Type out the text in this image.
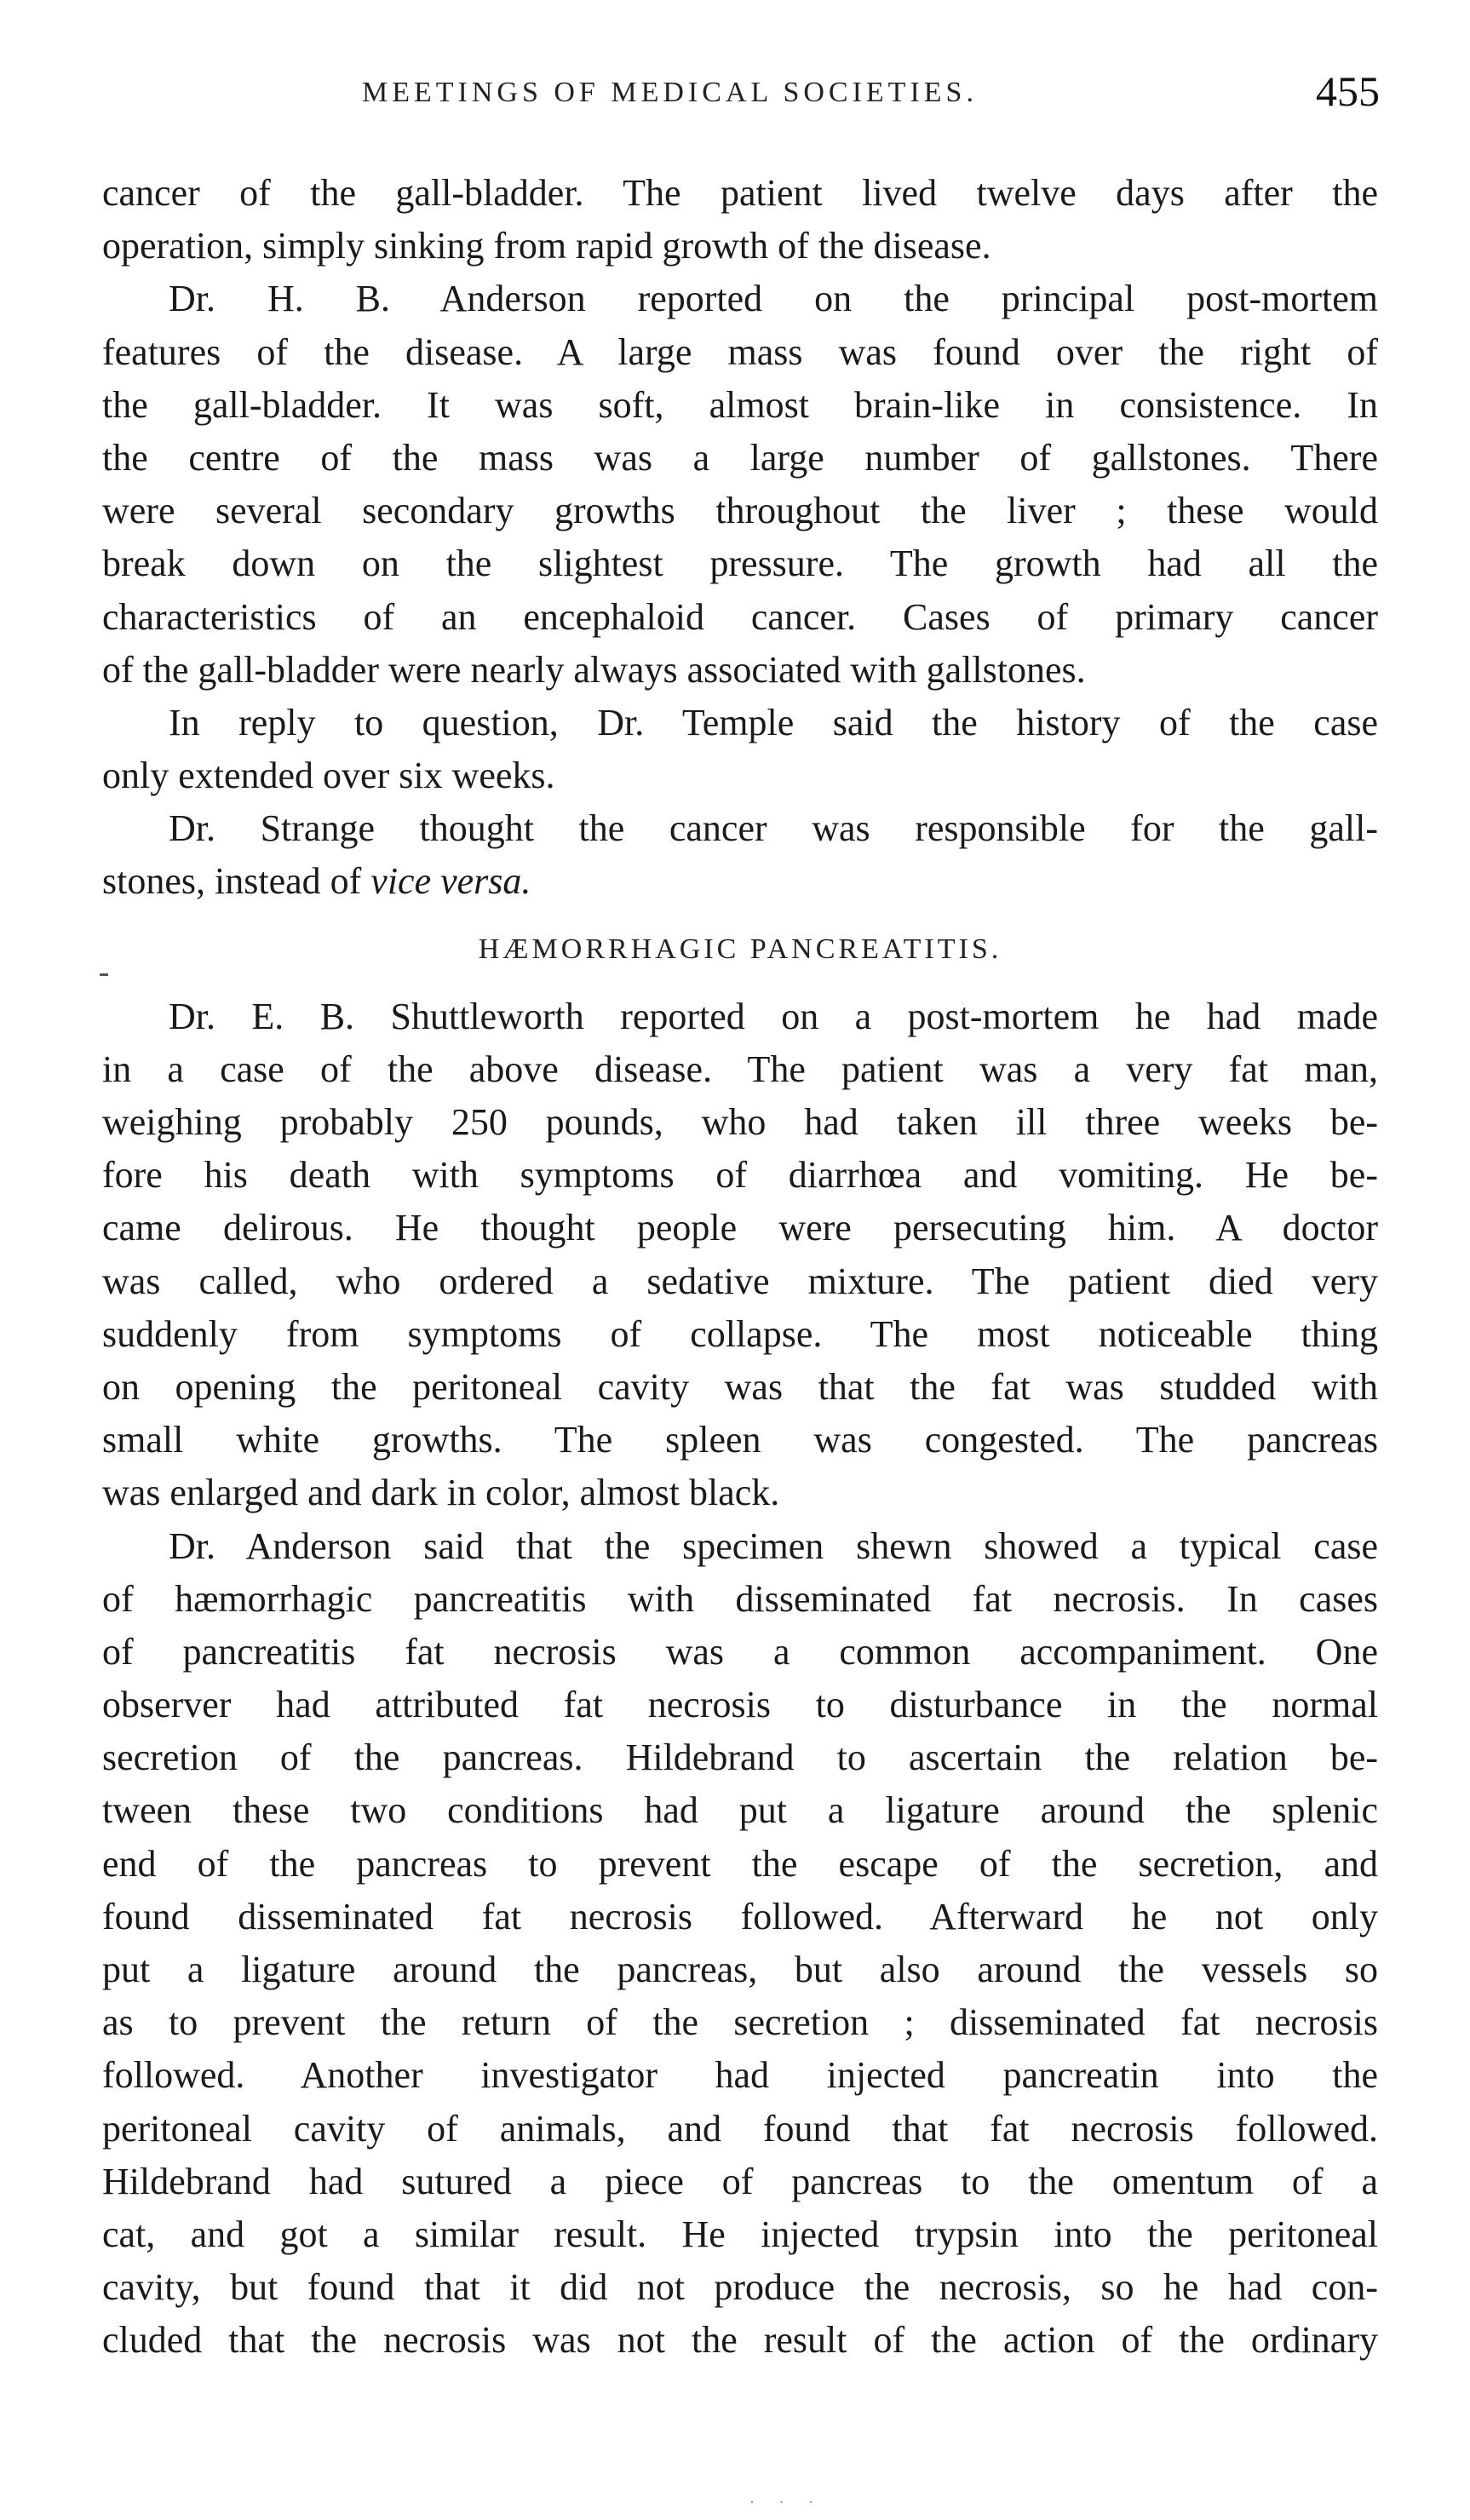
MEETINGS OF MEDICAL SOCIETIES.	455
cancer of the gall-bladder. The patient lived twelve days after the
operation, simply sinking from rapid growth of the disease.
Dr. H. B. Anderson reported on the principal post-mortem
features of the disease. A large mass was found over the right of
the gall-bladder. It was soft, almost brain-like in consistence. In
the centre of the mass was a large number of gallstones. There
were several secondary growths throughout the liver ; these would
break down on the slightest pressure. The growth had all the
characteristics of an encephaloid cancer. Cases of primary cancer
of the gall-bladder were nearly always associated with gallstones.
In reply to question, Dr. Temple said the history of the case
only extended over six weeks.
Dr. Strange thought the cancer was responsible for the gall-
stones, instead of vice versa.
HÆMORRHAGIC PANCREATITIS.
Dr. E. B. Shuttleworth reported on a post-mortem he had made
in a case of the above disease. The patient was a very fat man,
weighing probably 250 pounds, who had taken ill three weeks be-
fore his death with symptoms of diarrhœa and vomiting. He be-
came delirous. He thought people were persecuting him. A doctor
was called, who ordered a sedative mixture. The patient died very
suddenly from symptoms of collapse. The most noticeable thing
on opening the peritoneal cavity was that the fat was studded with
small white growths. The spleen was congested. The pancreas
was enlarged and dark in color, almost black.
Dr. Anderson said that the specimen shewn showed a typical case
of hæmorrhagic pancreatitis with disseminated fat necrosis. In cases
of pancreatitis fat necrosis was a common accompaniment. One
observer had attributed fat necrosis to disturbance in the normal
secretion of the pancreas. Hildebrand to ascertain the relation be-
tween these two conditions had put a ligature around the splenic
end of the pancreas to prevent the escape of the secretion, and
found disseminated fat necrosis followed. Afterward he not only
put a ligature around the pancreas, but also around the vessels so
as to prevent the return of the secretion ; disseminated fat necrosis
followed. Another investigator had injected pancreatin into the
peritoneal cavity of animals, and found that fat necrosis followed.
Hildebrand had sutured a piece of pancreas to the omentum of a
cat, and got a similar result. He injected trypsin into the peritoneal
cavity, but found that it did not produce the necrosis, so he had con-
cluded that the necrosis was not the result of the action of the ordinary
· · ·
